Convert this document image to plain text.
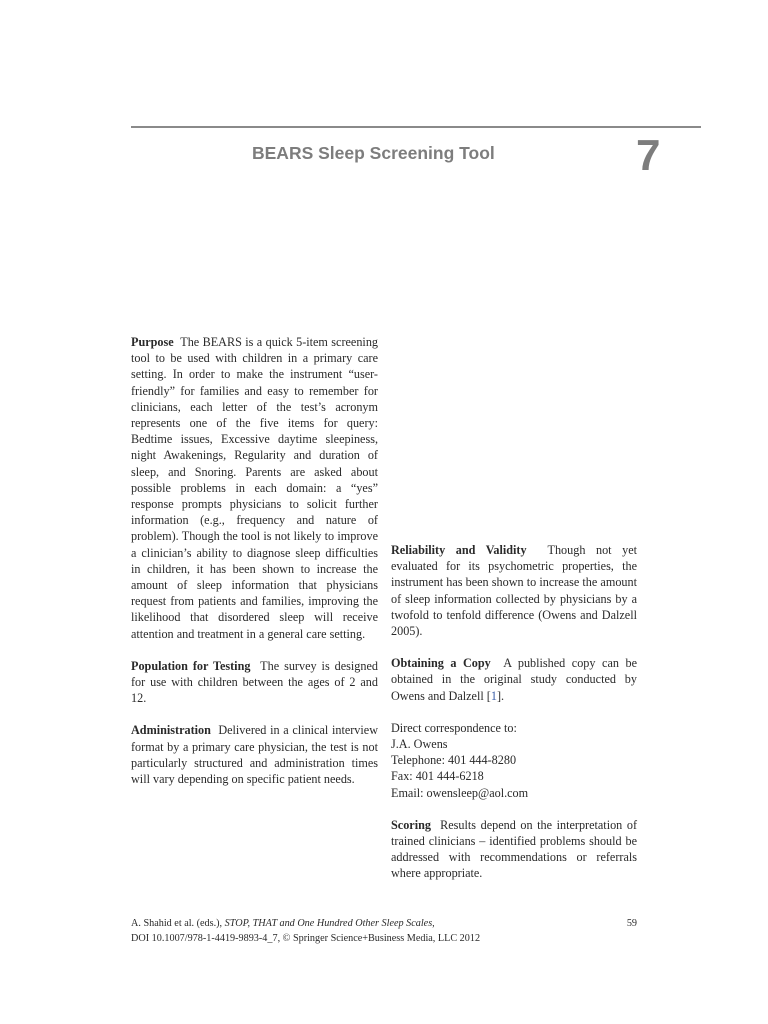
BEARS Sleep Screening Tool	7

Purpose The BEARS is a quick 5-item screening tool to be used with children in a primary care setting. In order to make the instrument “user-friendly” for families and easy to remember for clinicians, each letter of the test’s acronym represents one of the five items for query: Bedtime issues, Excessive daytime sleepiness, night Awakenings, Regularity and duration of sleep, and Snoring. Parents are asked about possible problems in each domain: a “yes” response prompts physicians to solicit further information (e.g., frequency and nature of problem). Though the tool is not likely to improve a clinician’s ability to diagnose sleep difficulties in children, it has been shown to increase the amount of sleep information that physicians request from patients and families, improving the likelihood that disordered sleep will receive attention and treatment in a general care setting.

Population for Testing The survey is designed for use with children between the ages of 2 and 12.

Administration Delivered in a clinical interview format by a primary care physician, the test is not particularly structured and administration times will vary depending on specific patient needs.

Reliability and Validity Though not yet evaluated for its psychometric properties, the instrument has been shown to increase the amount of sleep information collected by physicians by a twofold to tenfold difference (Owens and Dalzell 2005).

Obtaining a Copy A published copy can be obtained in the original study conducted by Owens and Dalzell [1].

Direct correspondence to:
J.A. Owens
Telephone: 401 444-8280
Fax: 401 444-6218
Email: owensleep@aol.com

Scoring Results depend on the interpretation of trained clinicians – identified problems should be addressed with recommendations or referrals where appropriate.

A. Shahid et al. (eds.), STOP, THAT and One Hundred Other Sleep Scales,
DOI 10.1007/978-1-4419-9893-4_7, © Springer Science+Business Media, LLC 2012
59
